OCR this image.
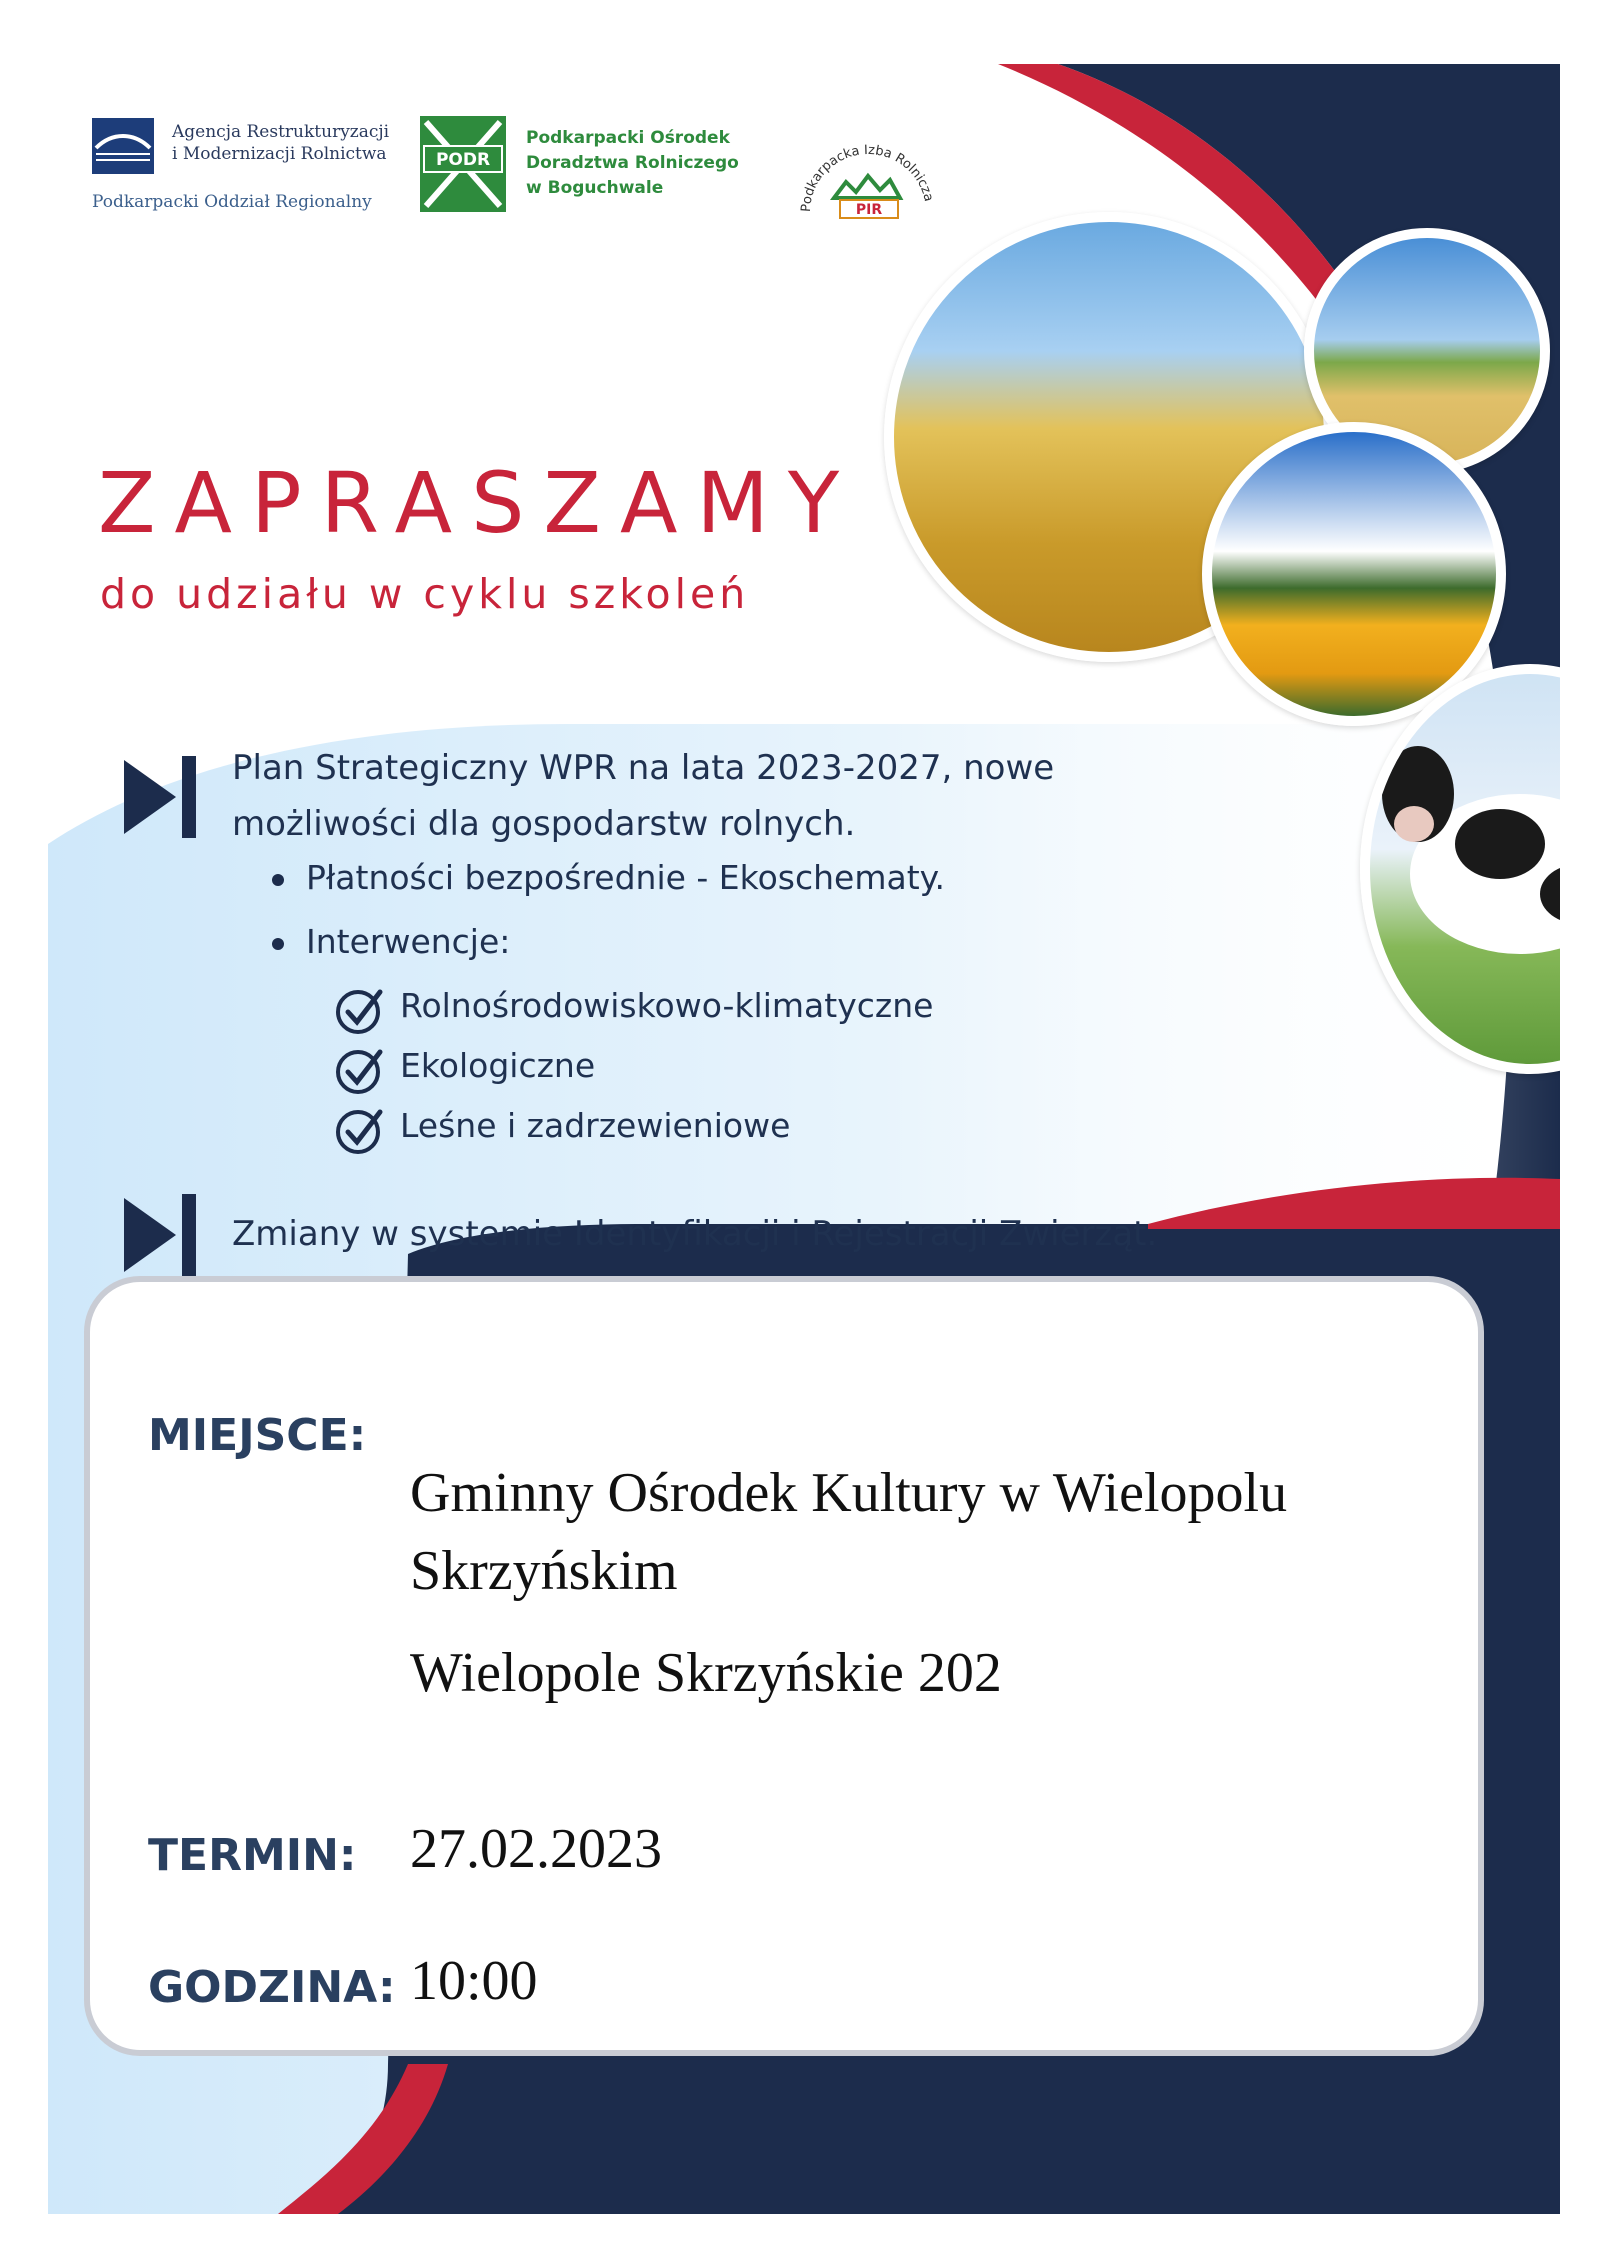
Agencja Restrukturyzacji
i Modernizacji Rolnictwa
Podkarpacki Oddział Regionalny
PODR
Podkarpacki Ośrodek
Doradztwa Rolniczego
w Boguchwale
Podkarpacka Izba Rolnicza
PIR
ZAPRASZAMY
do udziału w cyklu szkoleń
Plan Strategiczny WPR na lata 2023-2027, nowe
możliwości dla gospodarstw rolnych.
Płatności bezpośrednie - Ekoschematy.
Interwencje:
Rolnośrodowiskowo-klimatyczne
Ekologiczne
Leśne i zadrzewieniowe
Zmiany w systemie Identyfikacji i Rejestracji Zwierząt.
MIEJSCE:
Gminny Ośrodek Kultury w Wielopolu
Skrzyńskim
Wielopole Skrzyńskie 202
TERMIN: 27.02.2023
GODZINA: 10:00
